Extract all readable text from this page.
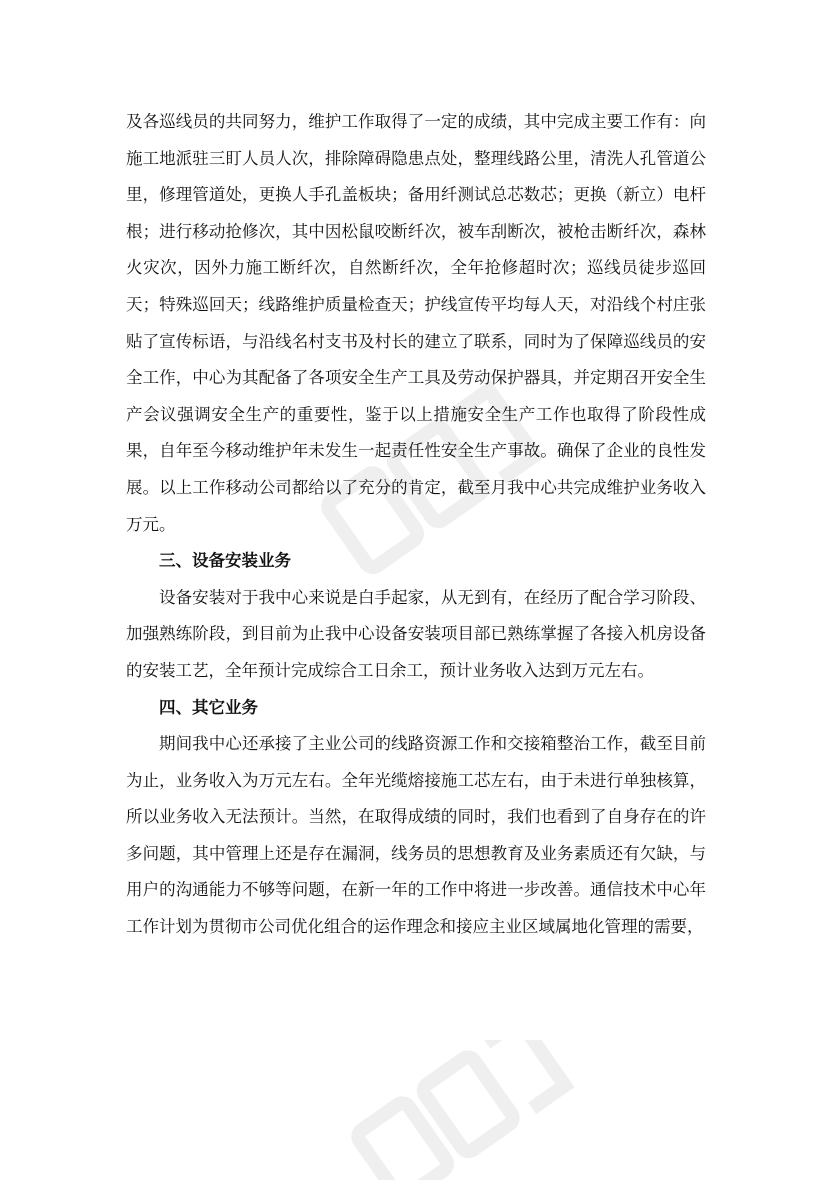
及各巡线员的共同努力，维护工作取得了一定的成绩，其中完成主要工作有：向施工地派驻三盯人员人次，排除障碍隐患点处，整理线路公里，清洗人孔管道公里，修理管道处，更换人手孔盖板块；备用纤测试总芯数芯；更换（新立）电杆根；进行移动抢修次，其中因松鼠咬断纤次，被车刮断次，被枪击断纤次，森林火灾次，因外力施工断纤次，自然断纤次，全年抢修超时次；巡线员徒步巡回天；特殊巡回天；线路维护质量检查天；护线宣传平均每人天，对沿线个村庄张贴了宣传标语，与沿线名村支书及村长的建立了联系，同时为了保障巡线员的安全工作，中心为其配备了各项安全生产工具及劳动保护器具，并定期召开安全生产会议强调安全生产的重要性，鉴于以上措施安全生产工作也取得了阶段性成果，自年至今移动维护年未发生一起责任性安全生产事故。确保了企业的良性发展。以上工作移动公司都给以了充分的肯定，截至月我中心共完成维护业务收入万元。

三、设备安装业务

设备安装对于我中心来说是白手起家，从无到有，在经历了配合学习阶段、加强熟练阶段，到目前为止我中心设备安装项目部已熟练掌握了各接入机房设备的安装工艺，全年预计完成综合工日余工，预计业务收入达到万元左右。

四、其它业务

期间我中心还承接了主业公司的线路资源工作和交接箱整治工作，截至目前为止，业务收入为万元左右。全年光缆熔接施工芯左右，由于未进行单独核算，所以业务收入无法预计。当然，在取得成绩的同时，我们也看到了自身存在的许多问题，其中管理上还是存在漏洞，线务员的思想教育及业务素质还有欠缺，与用户的沟通能力不够等问题，在新一年的工作中将进一步改善。通信技术中心年工作计划为贯彻市公司优化组合的运作理念和接应主业区域属地化管理的需要，
